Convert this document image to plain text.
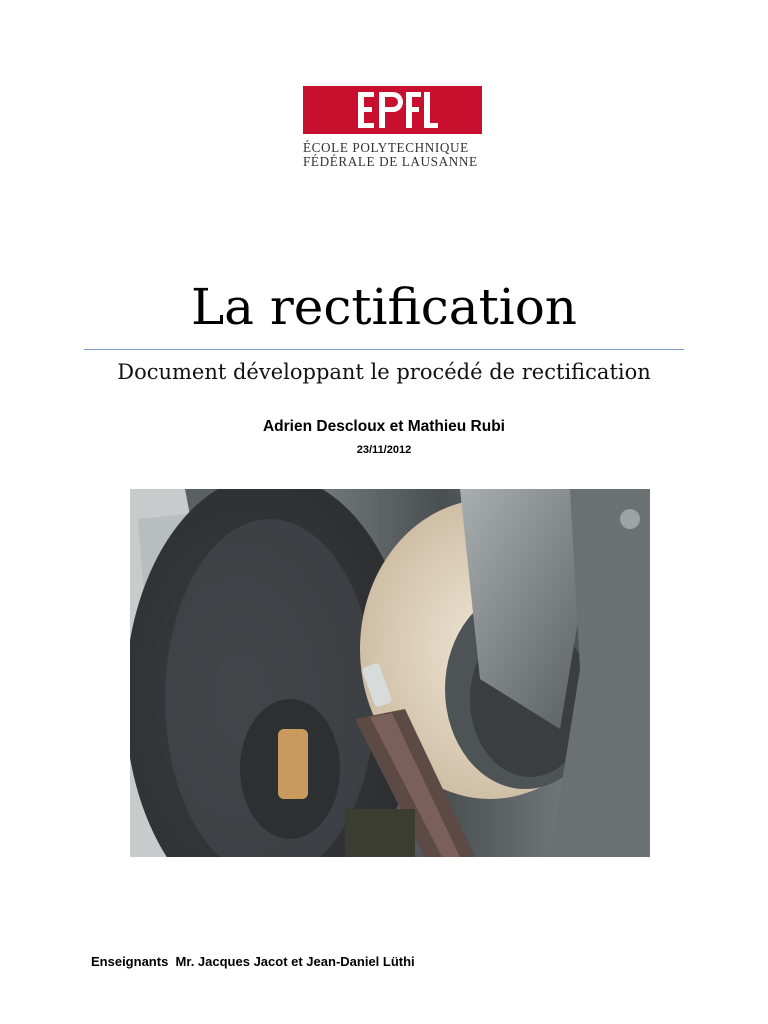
ÉCOLE POLYTECHNIQUE
FÉDÉRALE DE LAUSANNE
La rectification
Document développant le procédé de rectification
Adrien Descloux et Mathieu Rubi
23/11/2012
Enseignants Mr. Jacques Jacot et Jean-Daniel Lüthi
